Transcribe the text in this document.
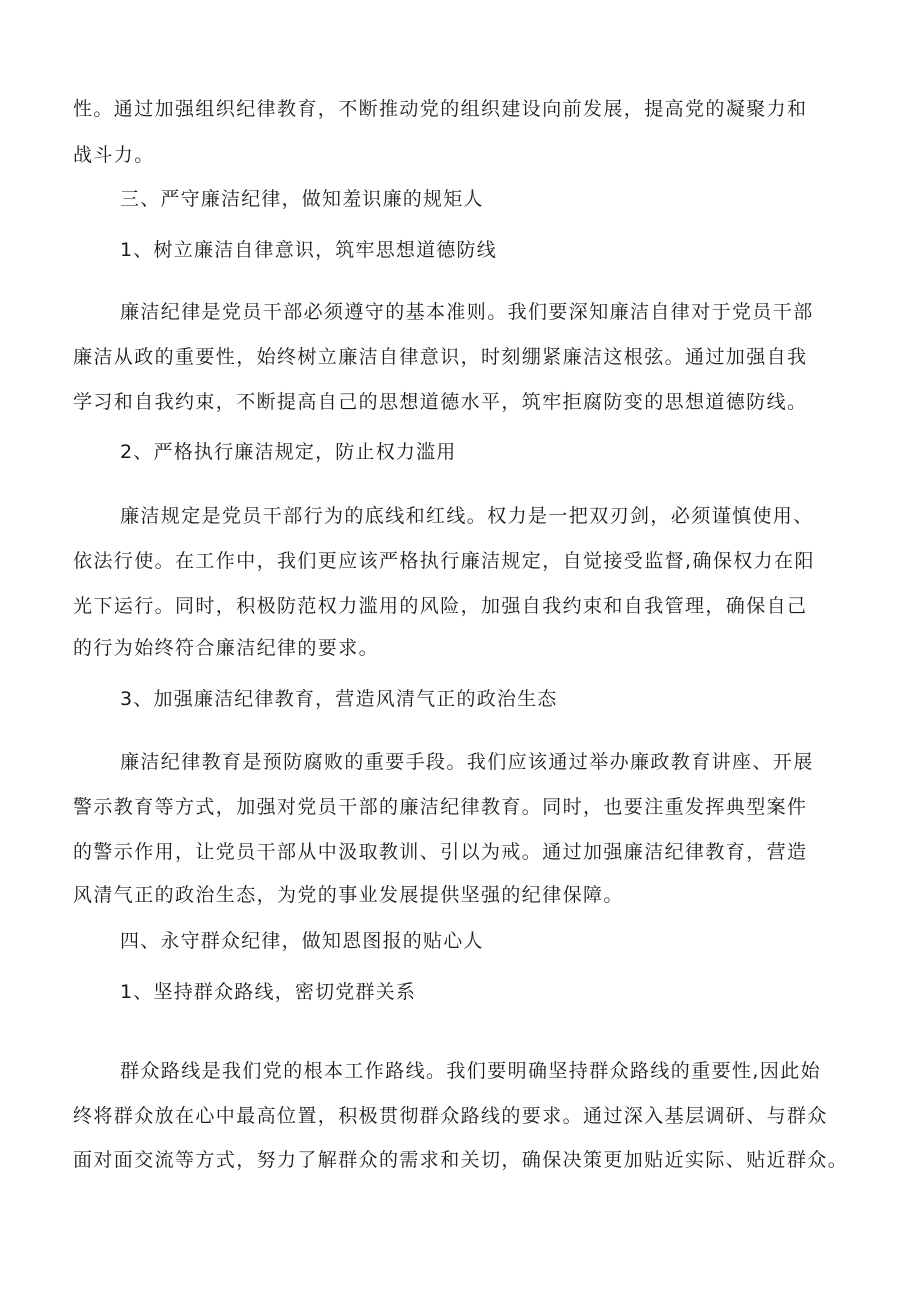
性。通过加强组织纪律教育，不断推动党的组织建设向前发展，提高党的凝聚力和
战斗力。
三、严守廉洁纪律，做知羞识廉的规矩人
1、树立廉洁自律意识，筑牢思想道德防线
廉洁纪律是党员干部必须遵守的基本准则。我们要深知廉洁自律对于党员干部
廉洁从政的重要性，始终树立廉洁自律意识，时刻绷紧廉洁这根弦。通过加强自我
学习和自我约束，不断提高自己的思想道德水平，筑牢拒腐防变的思想道德防线。
2、严格执行廉洁规定，防止权力滥用
廉洁规定是党员干部行为的底线和红线。权力是一把双刃剑，必须谨慎使用、
依法行使。在工作中，我们更应该严格执行廉洁规定，自觉接受监督,确保权力在阳
光下运行。同时，积极防范权力滥用的风险，加强自我约束和自我管理，确保自己
的行为始终符合廉洁纪律的要求。
3、加强廉洁纪律教育，营造风清气正的政治生态
廉洁纪律教育是预防腐败的重要手段。我们应该通过举办廉政教育讲座、开展
警示教育等方式，加强对党员干部的廉洁纪律教育。同时，也要注重发挥典型案件
的警示作用，让党员干部从中汲取教训、引以为戒。通过加强廉洁纪律教育，营造
风清气正的政治生态，为党的事业发展提供坚强的纪律保障。
四、永守群众纪律，做知恩图报的贴心人
1、坚持群众路线，密切党群关系
群众路线是我们党的根本工作路线。我们要明确坚持群众路线的重要性,因此始
终将群众放在心中最高位置，积极贯彻群众路线的要求。通过深入基层调研、与群众
面对面交流等方式，努力了解群众的需求和关切，确保决策更加贴近实际、贴近群众。
